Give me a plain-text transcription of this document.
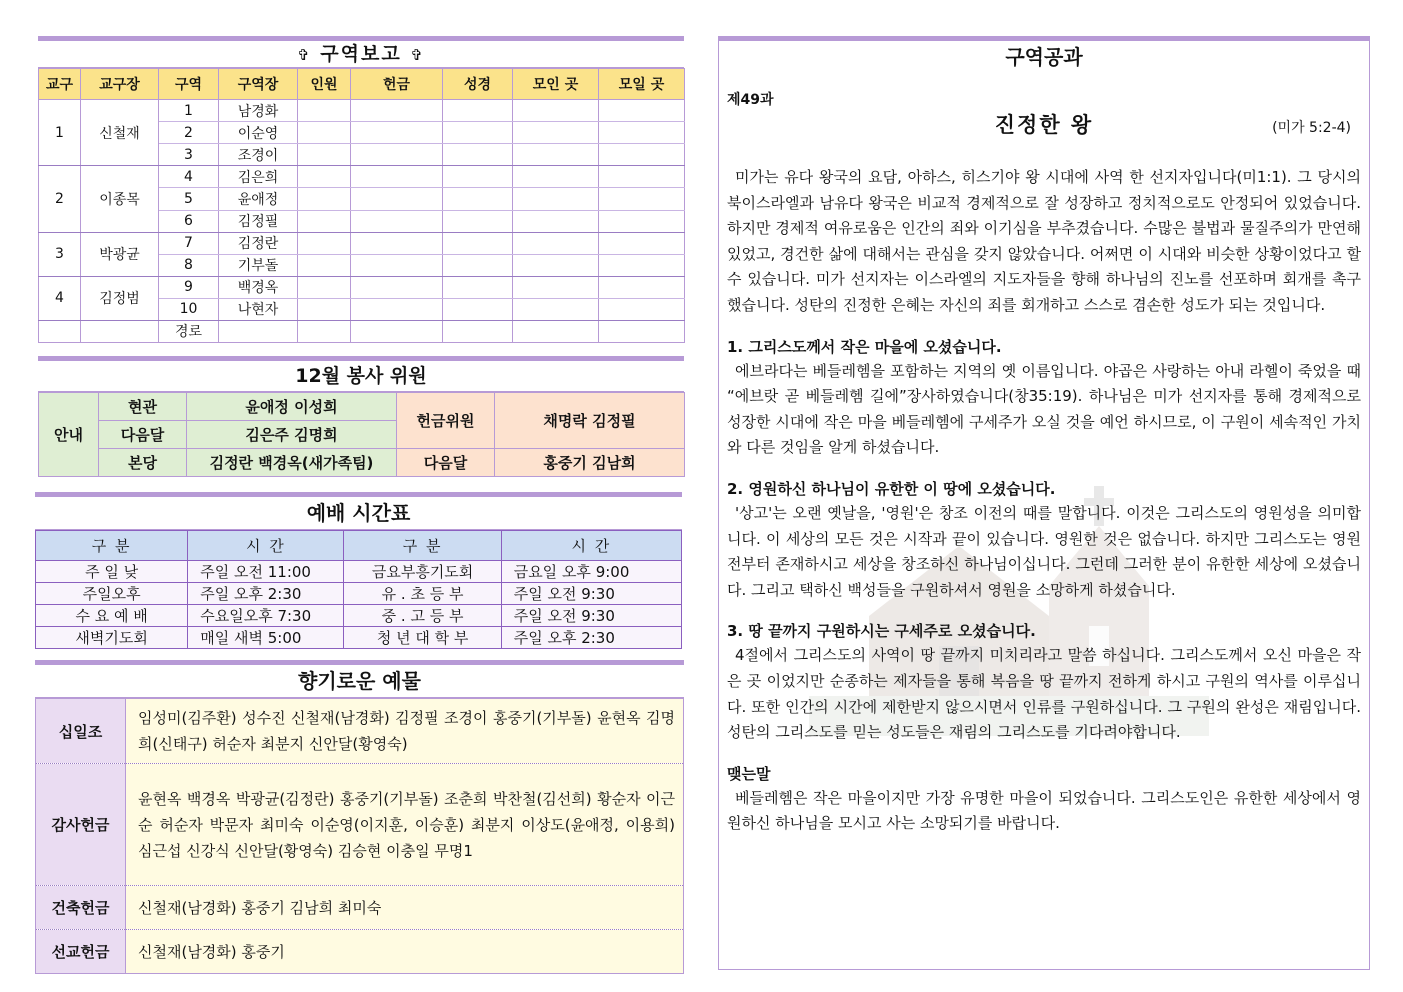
✞ 구역보고 ✞
교구	교구장	구역	구역장	인원	헌금	성경	모인 곳	모일 곳
1	신철재	1	남경화					
		2	이순영					
		3	조경이					
2	이종목	4	김은희					
		5	윤애정					
		6	김정필					
3	박광균	7	김정란					
		8	기부돌					
4	김정범	9	백경옥					
		10	나현자					
		경로						
12월 봉사 위원
안내	현관	윤애정 이성희	헌금위원	채명락 김정필
	다음달	김은주 김명희		
	본당	김정란 백경옥(새가족팀)	다음달	홍중기 김남희
예배 시간표
구 분	시 간	구 분	시 간
주 일 낮	주일 오전 11:00	금요부흥기도회	금요일 오후 9:00
주일오후	주일 오후 2:30	유 . 초 등 부	주일 오전 9:30
수 요 예 배	수요일오후 7:30	중 . 고 등 부	주일 오전 9:30
새벽기도회	매일 새벽 5:00	청 년 대 학 부	주일 오후 2:30
향기로운 예물
십일조	임성미(김주환) 성수진 신철재(남경화) 김정필 조경이 홍중기(기부돌) 윤현옥 김명희(신태구) 허순자 최분지 신안달(황영숙)
감사헌금	윤현옥 백경옥 박광균(김정란) 홍중기(기부돌) 조춘희 박찬철(김선희) 황순자 이근순 허순자 박문자 최미숙 이순영(이지훈, 이승훈) 최분지 이상도(윤애정, 이용희) 심근섭 신강식 신안달(황영숙) 김승현 이충일 무명1
건축헌금	신철재(남경화) 홍중기 김남희 최미숙
선교헌금	신철재(남경화) 홍중기
구역공과
제49과
진정한 왕	(미가 5:2-4)

미가는 유다 왕국의 요담, 아하스, 히스기야 왕 시대에 사역 한 선지자입니다(미1:1). 그 당시의 북이스라엘과 남유다 왕국은 비교적 경제적으로 잘 성장하고 정치적으로도 안정되어 있었습니다. 하지만 경제적 여유로움은 인간의 죄와 이기심을 부추겼습니다. 수많은 불법과 물질주의가 만연해 있었고, 경건한 삶에 대해서는 관심을 갖지 않았습니다. 어쩌면 이 시대와 비슷한 상황이었다고 할 수 있습니다. 미가 선지자는 이스라엘의 지도자들을 향해 하나님의 진노를 선포하며 회개를 촉구했습니다. 성탄의 진정한 은혜는 자신의 죄를 회개하고 스스로 겸손한 성도가 되는 것입니다.

1. 그리스도께서 작은 마을에 오셨습니다.

에브라다는 베들레헴을 포함하는 지역의 옛 이름입니다. 야곱은 사랑하는 아내 라헬이 죽었을 때 “에브랏 곧 베들레헴 길에”장사하였습니다(창35:19). 하나님은 미가 선지자를 통해 경제적으로 성장한 시대에 작은 마을 베들레헴에 구세주가 오실 것을 예언 하시므로, 이 구원이 세속적인 가치와 다른 것임을 알게 하셨습니다.

2. 영원하신 하나님이 유한한 이 땅에 오셨습니다.

'상고'는 오랜 옛날을, '영원'은 창조 이전의 때를 말합니다. 이것은 그리스도의 영원성을 의미합니다. 이 세상의 모든 것은 시작과 끝이 있습니다. 영원한 것은 없습니다. 하지만 그리스도는 영원 전부터 존재하시고 세상을 창조하신 하나님이십니다. 그런데 그러한 분이 유한한 세상에 오셨습니다. 그리고 택하신 백성들을 구원하셔서 영원을 소망하게 하셨습니다.

3. 땅 끝까지 구원하시는 구세주로 오셨습니다.

4절에서 그리스도의 사역이 땅 끝까지 미치리라고 말씀 하십니다. 그리스도께서 오신 마을은 작은 곳 이었지만 순종하는 제자들을 통해 복음을 땅 끝까지 전하게 하시고 구원의 역사를 이루십니다. 또한 인간의 시간에 제한받지 않으시면서 인류를 구원하십니다. 그 구원의 완성은 재림입니다. 성탄의 그리스도를 믿는 성도들은 재림의 그리스도를 기다려야합니다.

맺는말

베들레헴은 작은 마을이지만 가장 유명한 마을이 되었습니다. 그리스도인은 유한한 세상에서 영원하신 하나님을 모시고 사는 소망되기를 바랍니다.
